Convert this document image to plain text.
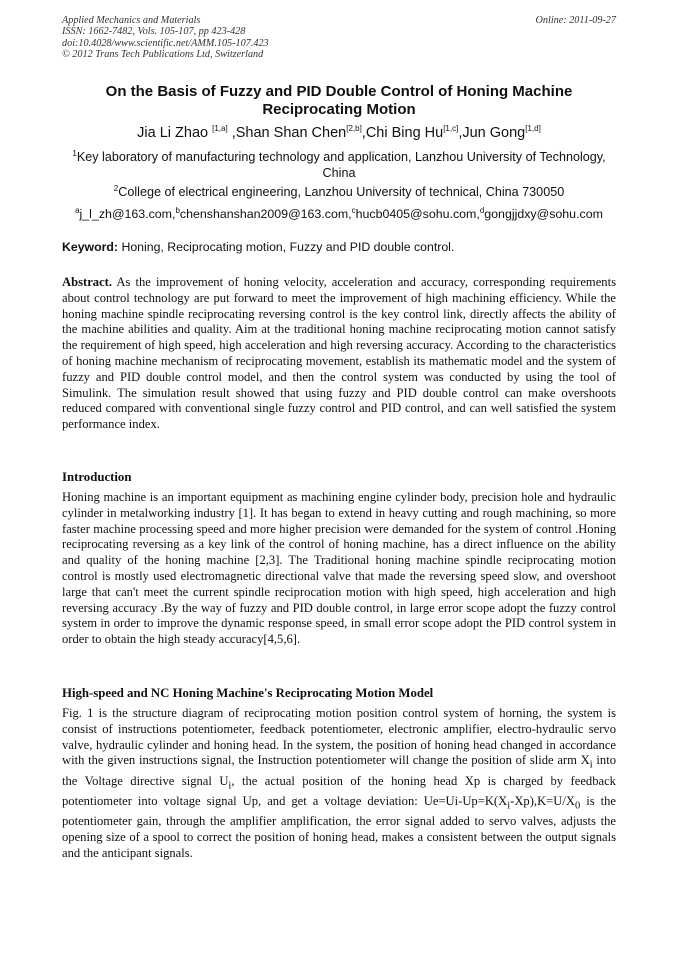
Applied Mechanics and Materials
ISSN: 1662-7482, Vols. 105-107, pp 423-428
doi:10.4028/www.scientific.net/AMM.105-107.423
© 2012 Trans Tech Publications Ltd, Switzerland
Online: 2011-09-27
On the Basis of Fuzzy and PID Double Control of Honing Machine Reciprocating Motion
Jia Li Zhao [1,a] ,Shan Shan Chen[2,b],Chi Bing Hu[1,c],Jun Gong[1,d]
$^1$Key laboratory of manufacturing technology and application, Lanzhou University of Technology, China
$^2$College of electrical engineering, Lanzhou University of technical, China 730050
$^a$j_l_zh@163.com,$^b$chenshanshan2009@163.com,$^c$hucb0405@sohu.com,$^d$gongjjdxy@sohu.com
Keyword: Honing, Reciprocating motion, Fuzzy and PID double control.
Abstract. As the improvement of honing velocity, acceleration and accuracy, corresponding requirements about control technology are put forward to meet the improvement of high machining efficiency. While the honing machine spindle reciprocating reversing control is the key control link, directly affects the ability of the machine abilities and quality. Aim at the traditional honing machine reciprocating motion cannot satisfy the requirement of high speed, high acceleration and high reversing accuracy. According to the characteristics of honing machine mechanism of reciprocating movement, establish its mathematic model and the system of fuzzy and PID double control model, and then the control system was conducted by using the tool of Simulink. The simulation result showed that using fuzzy and PID double control can make overshoots reduced compared with conventional single fuzzy control and PID control, and can well satisfied the system performance index.
Introduction
Honing machine is an important equipment as machining engine cylinder body, precision hole and hydraulic cylinder in metalworking industry [1]. It has began to extend in heavy cutting and rough machining, so more faster machine processing speed and more higher precision were demanded for the system of control .Honing reciprocating reversing as a key link of the control of honing machine, has a direct influence on the ability and quality of the honing machine [2,3]. The Traditional honing machine spindle reciprocating motion control is mostly used electromagnetic directional valve that made the reversing speed slow, and overshoot large that can't meet the current spindle reciprocation motion with high speed, high acceleration and high reversing accuracy .By the way of fuzzy and PID double control, in large error scope adopt the fuzzy control system in order to improve the dynamic response speed, in small error scope adopt the PID control system in order to obtain the high steady accuracy[4,5,6].
High-speed and NC Honing Machine's Reciprocating Motion Model
Fig. 1 is the structure diagram of reciprocating motion position control system of horning, the system is consist of instructions potentiometer, feedback potentiometer, electronic amplifier, electro-hydraulic servo valve, hydraulic cylinder and honing head. In the system, the position of honing head changed in accordance with the given instructions signal, the Instruction potentiometer will change the position of slide arm $X_i$ into the Voltage directive signal $U_i$, the actual position of the honing head Xp is charged by feedback potentiometer into voltage signal Up, and get a voltage deviation: $Ue=Ui-Up=K(X_i-Xp),K=U/X_0$ is the potentiometer gain, through the amplifier amplification, the error signal added to servo valves, adjusts the opening size of a spool to correct the position of honing head, makes a consistent between the output signals and the anticipant signals.
